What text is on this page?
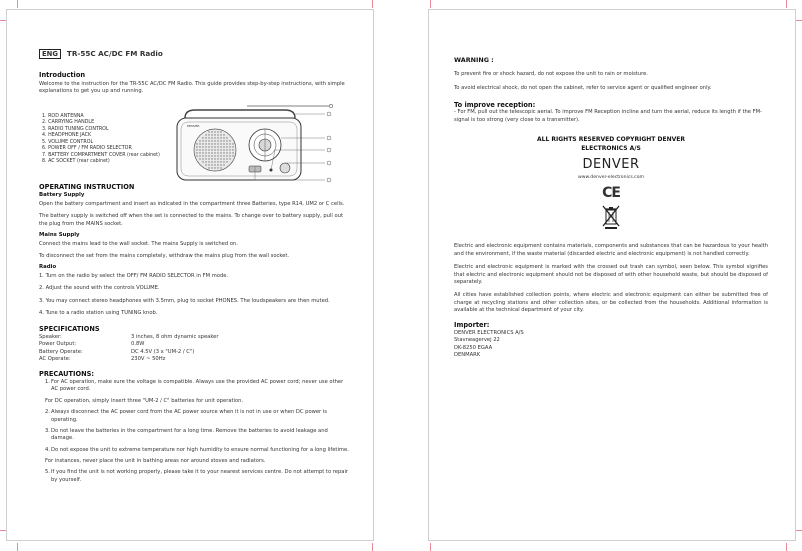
ENG	TR-55C AC/DC FM Radio
Introduction
Welcome to the instruction for the TR-55C AC/DC FM Radio. This guide provides step-by-step instructions, with simple explanations to get you up and running.
1. ROD ANTENNA
2. CARRYING HANDLE
3. RADIO TUNING CONTROL
4. HEADPHONE JACK
5. VOLUME CONTROL
6. POWER OFF / FM RADIO SELECTOR
7. BATTERY COMPARTMENT COVER (rear cabinet)
8. AC SOCKET (rear cabinet)
DENVER
OPERATING INSTRUCTION
Battery Supply
Open the battery compartment and insert as indicated in the compartment three Batteries, type R14, UM2 or C cells.
The battery supply is switched off when the set is connected to the mains. To change over to battery supply, pull out the plug from the MAINS socket.
Mains Supply
Connect the mains lead to the wall socket. The mains Supply is switched on.
To disconnect the set from the mains completely, withdraw the mains plug from the wall socket.
Radio
1. Turn on the radio by select the OFF/ FM RADIO SELECTOR in FM mode.
2. Adjust the sound with the controls VOLUME.
3. You may connect stereo headphones with 3.5mm, plug to socket PHONES. The loudspeakers are then muted.
4. Tune to a radio station using TUNING knob.
SPECIFICATIONS
Speaker:	3 inches, 8 ohm dynamic speaker
Power Output:	0.8W
Battery Operate:	DC 4.5V (3 x "UM-2 / C")
AC Operate:	230V ~ 50Hz
PRECAUTIONS:
1. For AC operation, make sure the voltage is compatible. Always use the provided AC power cord; never use other AC power cord.
For DC operation, simply insert three "UM-2 / C" batteries for unit operation.
2. Always disconnect the AC power cord from the AC power source when it is not in use or when DC power is operating.
3. Do not leave the batteries in the compartment for a long time. Remove the batteries to avoid leakage and damage.
4. Do not expose the unit to extreme temperature nor high humidity to ensure normal functioning for a long lifetime.
For instances, never place the unit in bathing areas nor around stoves and radiators.
5. If you find the unit is not working properly, please take it to your nearest services centre. Do not attempt to repair by yourself.
WARNING :
To prevent fire or shock hazard, do not expose the unit to rain or moisture.
To avoid electrical shock, do not open the cabinet, refer to service agent or qualified engineer only.
To improve reception:
- For FM, pull out the telescopic aerial. To improve FM Reception incline and turn the aerial, reduce its length if the FM-signal is too strong (very close to a transmitter).
ALL RIGHTS RESERVED COPYRIGHT DENVER ELECTRONICS A/S
DENVER
www.denver-electronics.com
CE
Electric and electronic equipment contains materials, components and substances that can be hazardous to your health and the environment, if the waste material (discarded electric and electronic equipment) is not handled correctly.
Electric and electronic equipment is marked with the crossed out trash can symbol, seen below. This symbol signifies that electric and electronic equipment should not be disposed of with other household waste, but should be disposed of separately.
All cities have established collection points, where electric and electronic equipment can either be submitted free of charge at recycling stations and other collection sites, or be collected from the households. Additional information is available at the technical department of your city.
Importer:
DENVER ELECTRONICS A/S
Stavneagervej 22
DK-8250 EGAA
DENMARK
